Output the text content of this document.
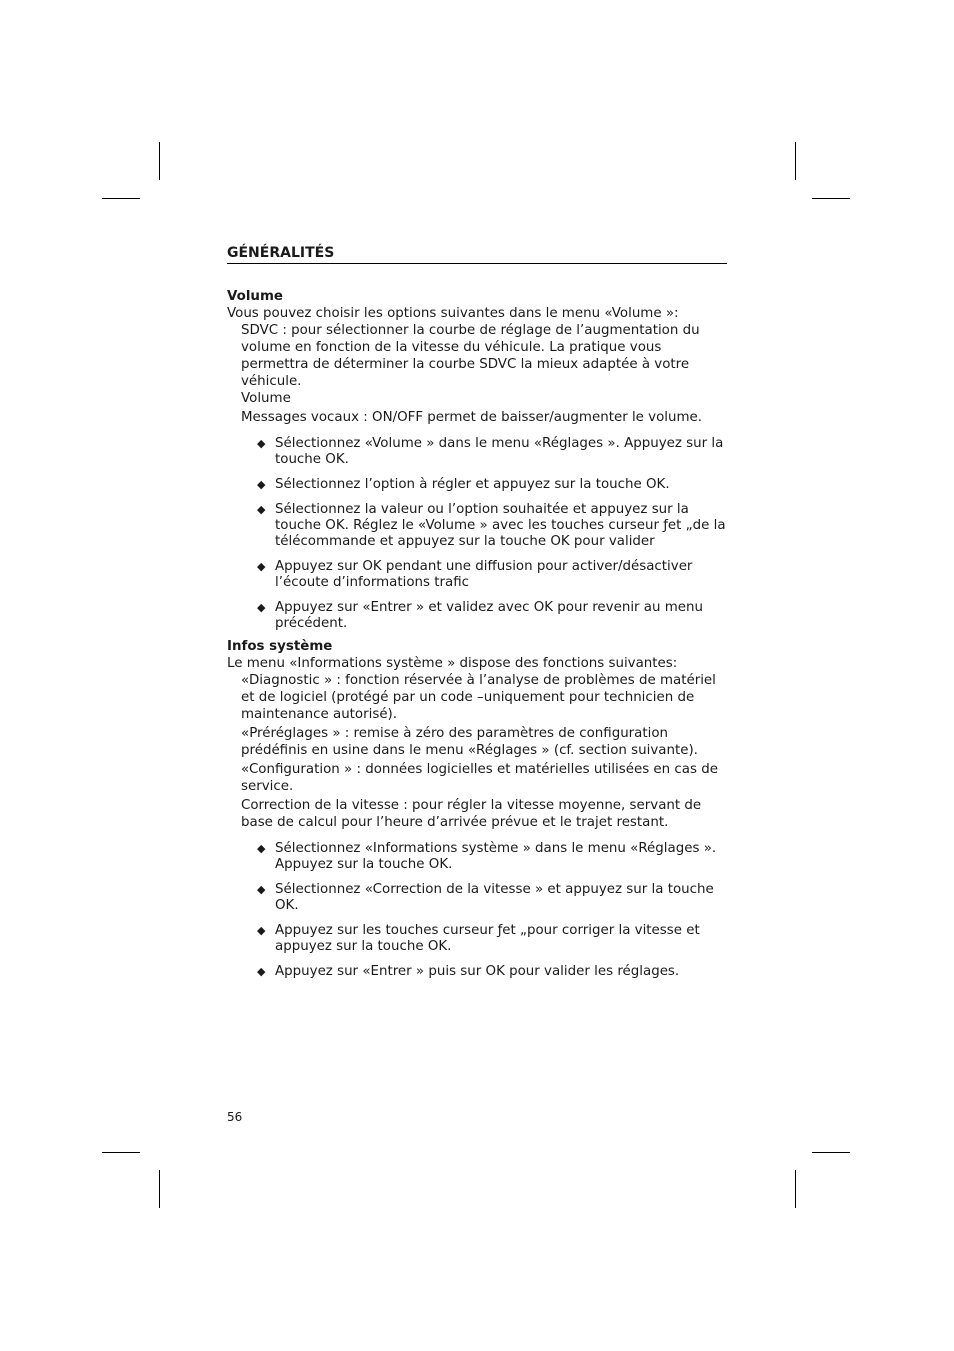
GÉNÉRALITÉS

Volume

Vous pouvez choisir les options suivantes dans le menu «Volume »:

SDVC : pour sélectionner la courbe de réglage de l’augmentation du volume en fonction de la vitesse du véhicule. La pratique vous permettra de déterminer la courbe SDVC la mieux adaptée à votre véhicule.

Volume

Messages vocaux : ON/OFF permet de baisser/augmenter le volume.

◆ Sélectionnez «Volume » dans le menu «Réglages ». Appuyez sur la touche OK.
◆ Sélectionnez l’option à régler et appuyez sur la touche OK.
◆ Sélectionnez la valeur ou l’option souhaitée et appuyez sur la touche OK. Réglez le «Volume » avec les touches curseur ƒet „de la télécommande et appuyez sur la touche OK pour valider
◆ Appuyez sur OK pendant une diffusion pour activer/désactiver l’écoute d’informations trafic
◆ Appuyez sur «Entrer » et validez avec OK pour revenir au menu précédent.

Infos système

Le menu «Informations système » dispose des fonctions suivantes:

«Diagnostic » : fonction réservée à l’analyse de problèmes de matériel et de logiciel (protégé par un code –uniquement pour technicien de maintenance autorisé).

«Préréglages » : remise à zéro des paramètres de configuration prédéfinis en usine dans le menu «Réglages » (cf. section suivante).

«Configuration » : données logicielles et matérielles utilisées en cas de service.

Correction de la vitesse : pour régler la vitesse moyenne, servant de base de calcul pour l’heure d’arrivée prévue et le trajet restant.

◆ Sélectionnez «Informations système » dans le menu «Réglages ». Appuyez sur la touche OK.
◆ Sélectionnez «Correction de la vitesse » et appuyez sur la touche OK.
◆ Appuyez sur les touches curseur ƒet „pour corriger la vitesse et appuyez sur la touche OK.
◆ Appuyez sur «Entrer » puis sur OK pour valider les réglages.
56
